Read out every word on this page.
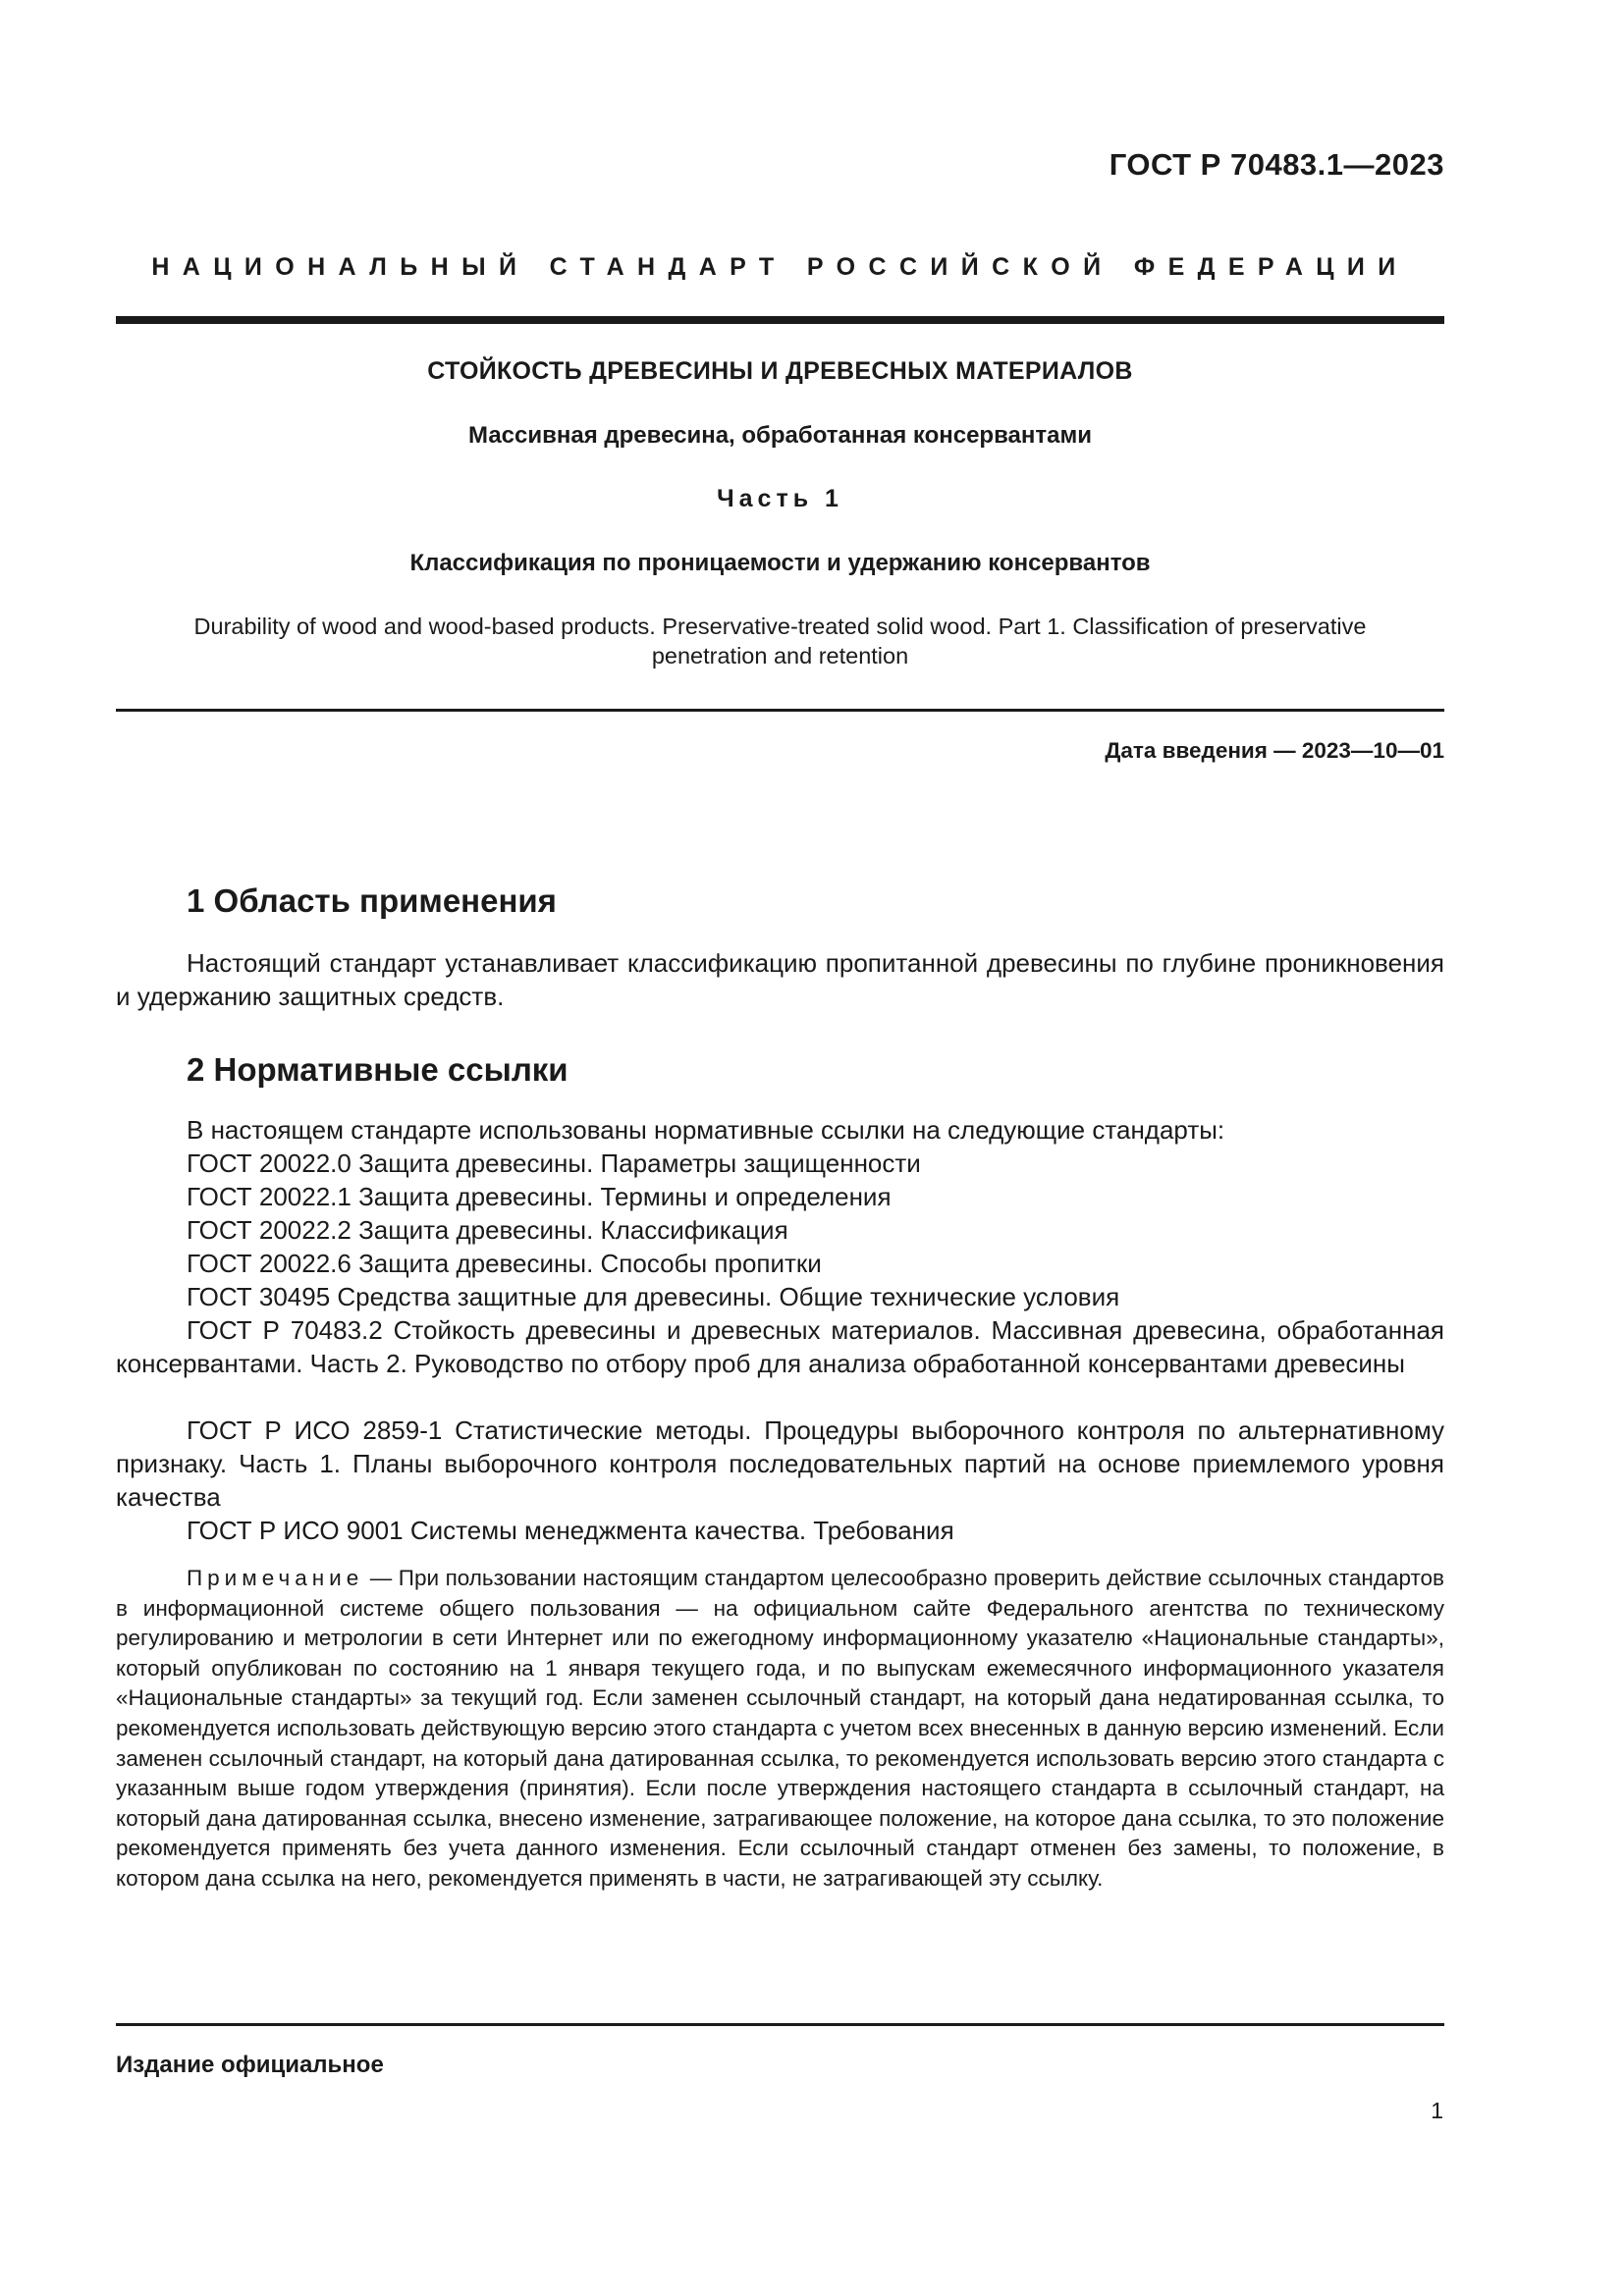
ГОСТ Р 70483.1—2023
НАЦИОНАЛЬНЫЙ СТАНДАРТ РОССИЙСКОЙ ФЕДЕРАЦИИ
СТОЙКОСТЬ ДРЕВЕСИНЫ И ДРЕВЕСНЫХ МАТЕРИАЛОВ
Массивная древесина, обработанная консервантами
Часть 1
Классификация по проницаемости и удержанию консервантов
Durability of wood and wood-based products. Preservative-treated solid wood. Part 1. Classification of preservative penetration and retention
Дата введения — 2023—10—01
1 Область применения
Настоящий стандарт устанавливает классификацию пропитанной древесины по глубине проникновения и удержанию защитных средств.
2 Нормативные ссылки
В настоящем стандарте использованы нормативные ссылки на следующие стандарты:
ГОСТ 20022.0 Защита древесины. Параметры защищенности
ГОСТ 20022.1 Защита древесины. Термины и определения
ГОСТ 20022.2 Защита древесины. Классификация
ГОСТ 20022.6 Защита древесины. Способы пропитки
ГОСТ 30495 Средства защитные для древесины. Общие технические условия
ГОСТ Р 70483.2 Стойкость древесины и древесных материалов. Массивная древесина, обработанная консервантами. Часть 2. Руководство по отбору проб для анализа обработанной консервантами древесины
ГОСТ Р ИСО 2859-1 Статистические методы. Процедуры выборочного контроля по альтернативному признаку. Часть 1. Планы выборочного контроля последовательных партий на основе приемлемого уровня качества
ГОСТ Р ИСО 9001 Системы менеджмента качества. Требования
Примечание — При пользовании настоящим стандартом целесообразно проверить действие ссылочных стандартов в информационной системе общего пользования — на официальном сайте Федерального агентства по техническому регулированию и метрологии в сети Интернет или по ежегодному информационному указателю «Национальные стандарты», который опубликован по состоянию на 1 января текущего года, и по выпускам ежемесячного информационного указателя «Национальные стандарты» за текущий год. Если заменен ссылочный стандарт, на который дана недатированная ссылка, то рекомендуется использовать действующую версию этого стандарта с учетом всех внесенных в данную версию изменений. Если заменен ссылочный стандарт, на который дана датированная ссылка, то рекомендуется использовать версию этого стандарта с указанным выше годом утверждения (принятия). Если после утверждения настоящего стандарта в ссылочный стандарт, на который дана датированная ссылка, внесено изменение, затрагивающее положение, на которое дана ссылка, то это положение рекомендуется применять без учета данного изменения. Если ссылочный стандарт отменен без замены, то положение, в котором дана ссылка на него, рекомендуется применять в части, не затрагивающей эту ссылку.
Издание официальное
1
